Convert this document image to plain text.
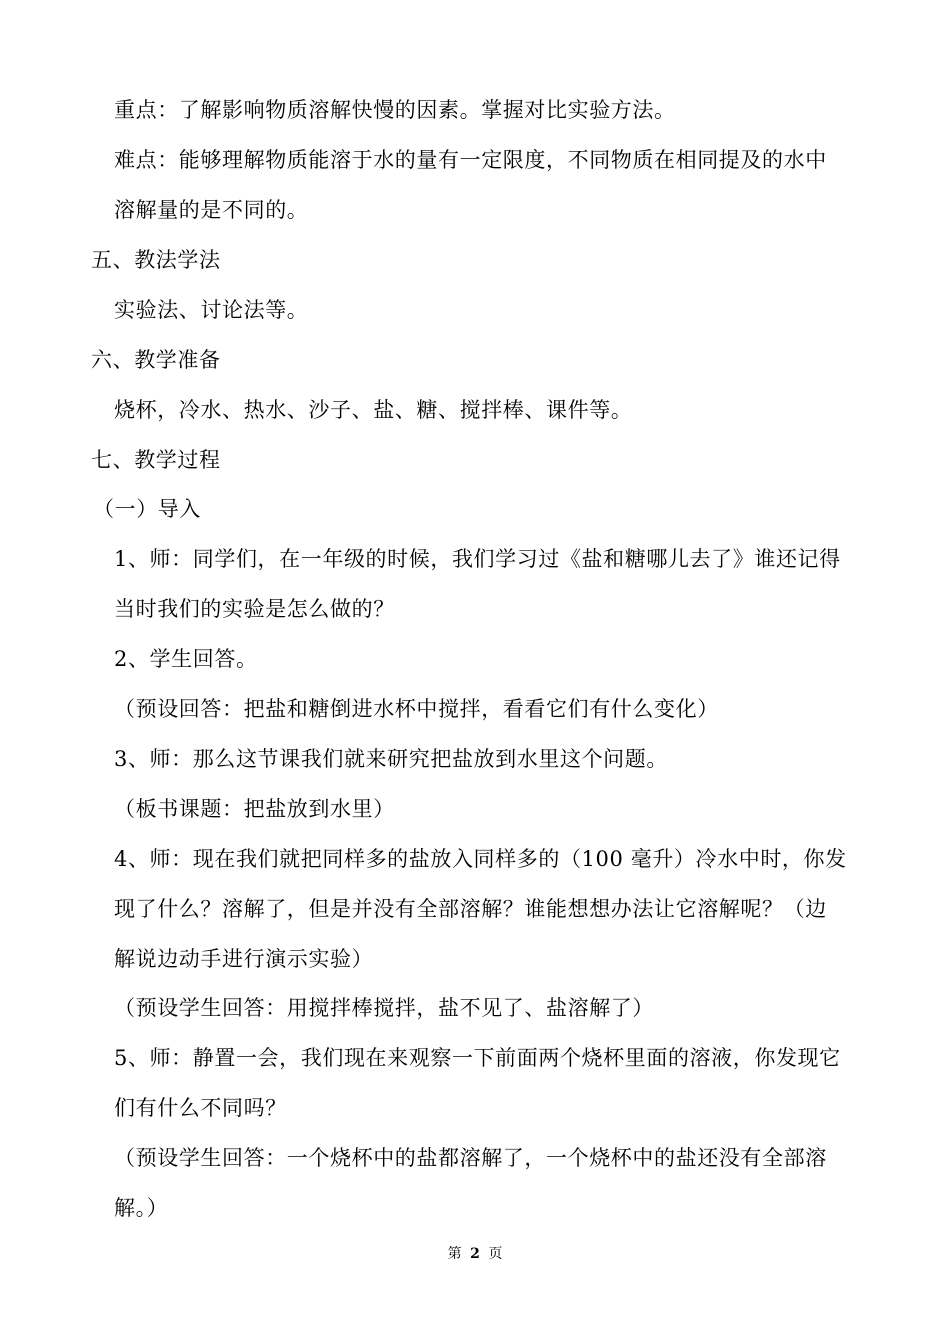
重点：了解影响物质溶解快慢的因素。掌握对比实验方法。
难点：能够理解物质能溶于水的量有一定限度，不同物质在相同提及的水中
溶解量的是不同的。
五、教法学法
实验法、讨论法等。
六、教学准备
烧杯，冷水、热水、沙子、盐、糖、搅拌棒、课件等。
七、教学过程
（一）导入
1、师：同学们，在一年级的时候，我们学习过《盐和糖哪儿去了》谁还记得
当时我们的实验是怎么做的？
2、学生回答。
（预设回答：把盐和糖倒进水杯中搅拌，看看它们有什么变化）
3、师：那么这节课我们就来研究把盐放到水里这个问题。
（板书课题：把盐放到水里）
4、师：现在我们就把同样多的盐放入同样多的（100 毫升）冷水中时，你发
现了什么？溶解了，但是并没有全部溶解？谁能想想办法让它溶解呢？（边
解说边动手进行演示实验）
（预设学生回答：用搅拌棒搅拌，盐不见了、盐溶解了）
5、师：静置一会，我们现在来观察一下前面两个烧杯里面的溶液，你发现它
们有什么不同吗？
（预设学生回答：一个烧杯中的盐都溶解了，一个烧杯中的盐还没有全部溶
解。）
第 2 页
